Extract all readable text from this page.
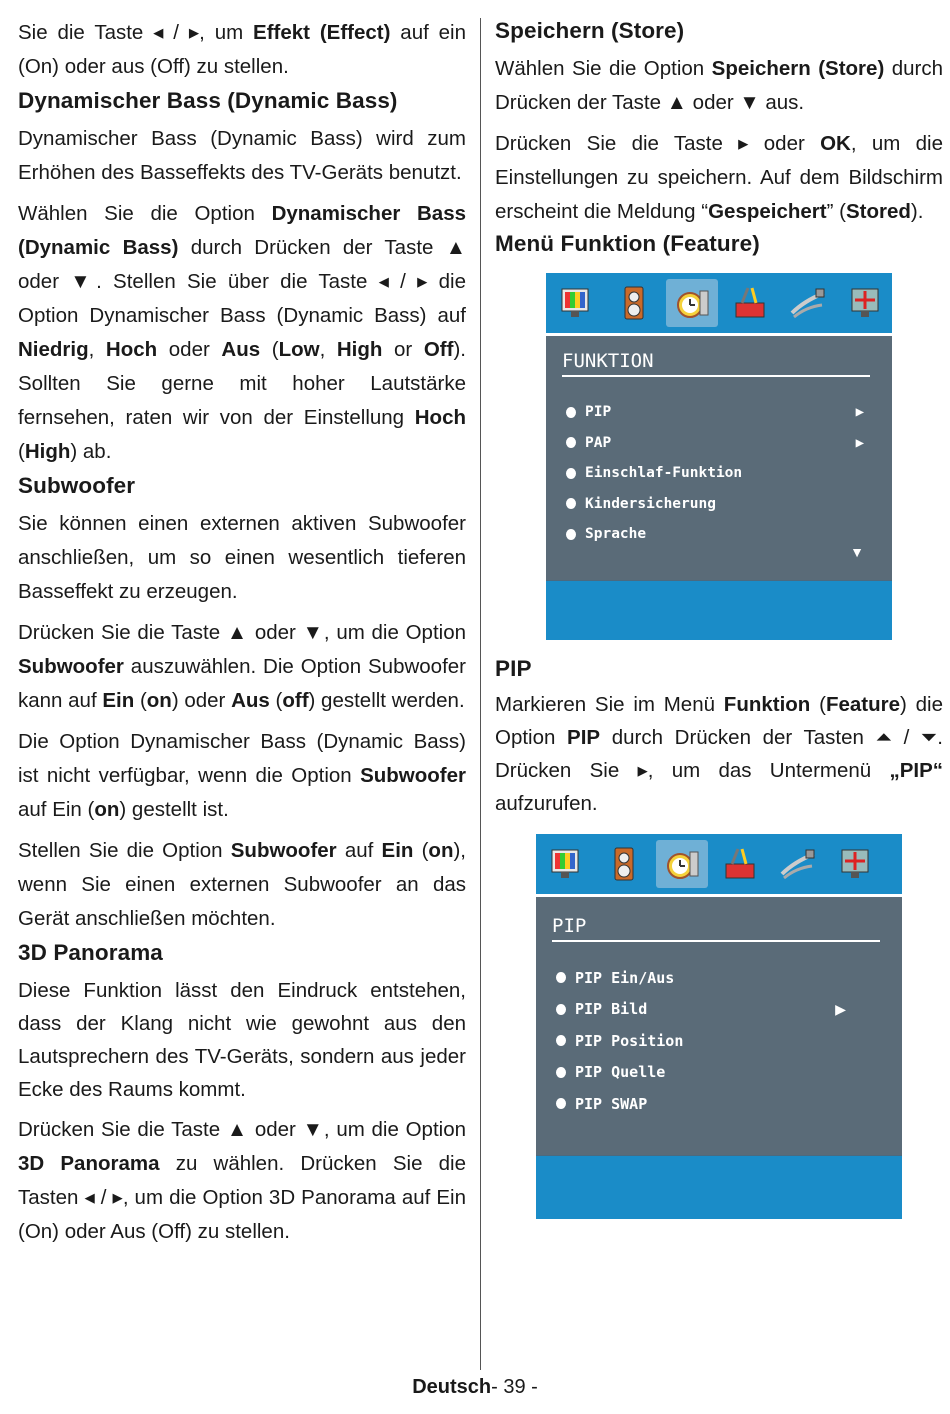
Sie die Taste ◂ / ▸, um Effekt (Effect) auf ein (On) oder aus (Off) zu stellen.

Dynamischer Bass (Dynamic Bass)

Dynamischer Bass (Dynamic Bass) wird zum Erhöhen des Basseffekts des TV-Geräts benutzt.

Wählen Sie die Option Dynamischer Bass (Dynamic Bass) durch Drücken der Taste ▲ oder ▼. Stellen Sie über die Taste ◂ / ▸ die Option Dynamischer Bass (Dynamic Bass) auf Niedrig, Hoch oder Aus (Low, High or Off). Sollten Sie gerne mit hoher Lautstärke fernsehen, raten wir von der Einstellung Hoch (High) ab.

Subwoofer

Sie können einen externen aktiven Subwoofer anschließen, um so einen wesentlich tieferen Basseffekt zu erzeugen.

Drücken Sie die Taste ▲ oder ▼, um die Option Subwoofer auszuwählen. Die Option Subwoofer kann auf Ein (on) oder Aus (off) gestellt werden.

Die Option Dynamischer Bass (Dynamic Bass) ist nicht verfügbar, wenn die Option Subwoofer auf Ein (on) gestellt ist.

Stellen Sie die Option Subwoofer auf Ein (on), wenn Sie einen externen Subwoofer an das Gerät anschließen möchten.

3D Panorama

Diese Funktion lässt den Eindruck entstehen, dass der Klang nicht wie gewohnt aus den Lautsprechern des TV-Geräts, sondern aus jeder Ecke des Raums kommt.

Drücken Sie die Taste ▲ oder ▼, um die Option 3D Panorama zu wählen. Drücken Sie die Tasten ◂ / ▸, um die Option 3D Panorama auf Ein (On) oder Aus (Off) zu stellen.

Speichern (Store)

Wählen Sie die Option Speichern (Store) durch Drücken der Taste ▲ oder ▼ aus.

Drücken Sie die Taste ▸ oder OK, um die Einstellungen zu speichern. Auf dem Bildschirm erscheint die Meldung “Gespeichert” (Stored).

Menü Funktion (Feature)
FUNKTION
PIP	▶
PAP	▶
Einschlaf-Funktion
Kindersicherung
Sprache
▼
PIP

Markieren Sie im Menü Funktion (Feature) die Option PIP durch Drücken der Tasten ⏶ / ⏷. Drücken Sie ▸, um das Untermenü „PIP“ aufzurufen.

PIP
PIP Ein/Aus
PIP Bild	▶
PIP Position
PIP Quelle
PIP SWAP
Deutsch- 39 -
